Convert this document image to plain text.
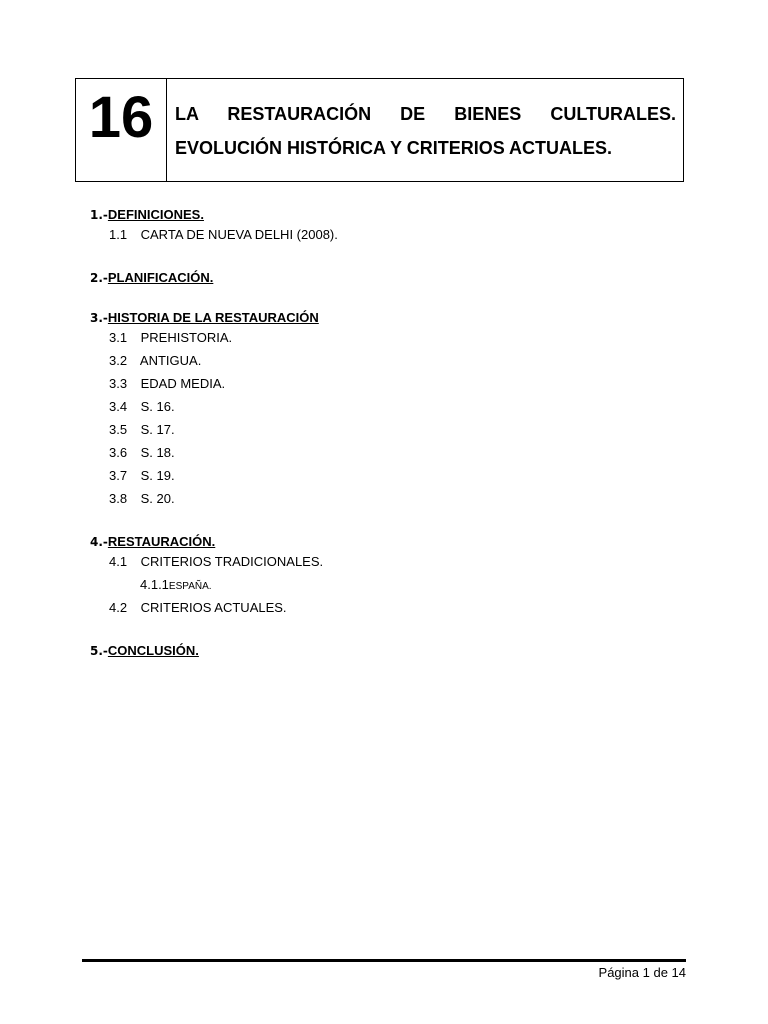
16	LA RESTAURACIÓN DE BIENES CULTURALES.
EVOLUCIÓN HISTÓRICA Y CRITERIOS ACTUALES.
1.-DEFINICIONES.
1.1 CARTA DE NUEVA DELHI (2008).
2.-PLANIFICACIÓN.
3.-HISTORIA DE LA RESTAURACIÓN
3.1 PREHISTORIA.
3.2 ANTIGUA.
3.3 EDAD MEDIA.
3.4 S. 16.
3.5 S. 17.
3.6 S. 18.
3.7 S. 19.
3.8 S. 20.
4.-RESTAURACIÓN.
4.1 CRITERIOS TRADICIONALES.
4.1.1ESPAÑA.
4.2 CRITERIOS ACTUALES.
5.-CONCLUSIÓN.
Página 1 de 14
